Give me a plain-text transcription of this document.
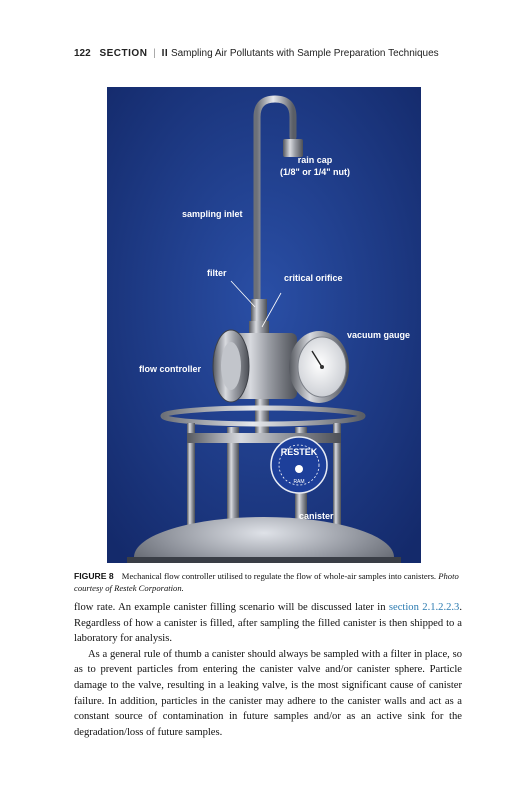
122 SECTION | II Sampling Air Pollutants with Sample Preparation Techniques
RESTEK
RAM
rain cap
(1/8" or 1/4" nut)
sampling inlet
filter	critical orifice
vacuum gauge
flow controller
canister
FIGURE 8 Mechanical flow controller utilised to regulate the flow of whole-air samples into canisters. Photo courtesy of Restek Corporation.

flow rate. An example canister filling scenario will be discussed later in section 2.1.2.2.3. Regardless of how a canister is filled, after sampling the filled canister is then shipped to a laboratory for analysis.

As a general rule of thumb a canister should always be sampled with a filter in place, so as to prevent particles from entering the canister valve and/or canister sphere. Particle damage to the valve, resulting in a leaking valve, is the most significant cause of canister failure. In addition, particles in the canister may adhere to the canister walls and act as a constant source of contamination in future samples and/or as an active sink for the degradation/loss of future samples.
